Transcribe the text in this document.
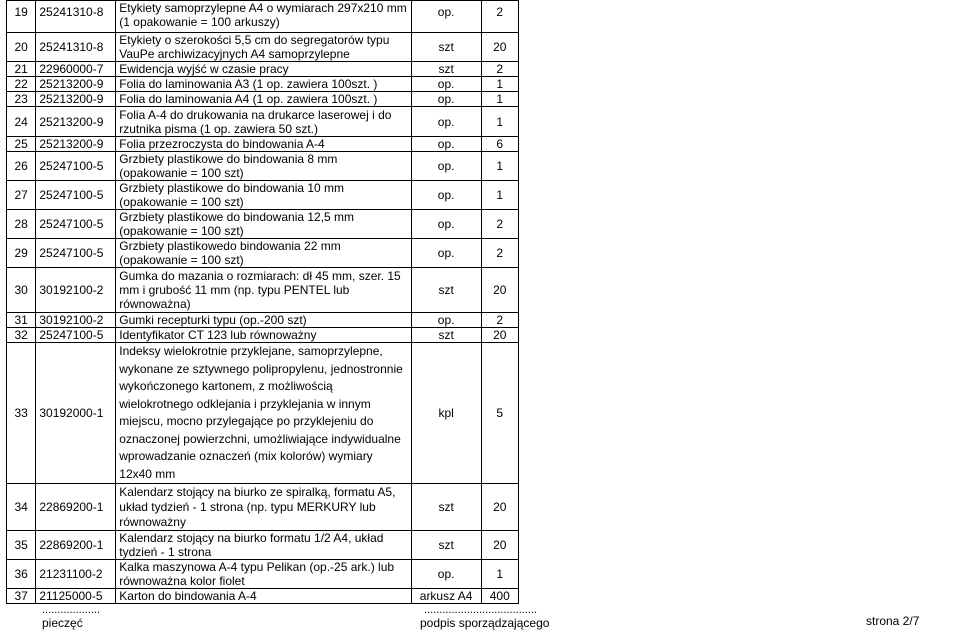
19	25241310-8	Etykiety samoprzylepne A4 o wymiarach 297x210 mm (1 opakowanie = 100 arkuszy)	op.	2
20	25241310-8	Etykiety o szerokości 5,5 cm do segregatorów typu VauPe archiwizacyjnych A4 samoprzylepne	szt	20
21	22960000-7	Ewidencja wyjść w czasie pracy	szt	2
22	25213200-9	Folia do laminowania A3 (1 op. zawiera 100szt. )	op.	1
23	25213200-9	Folia do laminowania A4 (1 op. zawiera 100szt. )	op.	1
24	25213200-9	Folia A-4 do drukowania na drukarce laserowej i do rzutnika pisma (1 op. zawiera 50 szt.)	op.	1
25	25213200-9	Folia przezroczysta do bindowania A-4	op.	6
26	25247100-5	Grzbiety plastikowe do bindowania 8 mm (opakowanie = 100 szt)	op.	1
27	25247100-5	Grzbiety plastikowe do bindowania 10 mm (opakowanie = 100 szt)	op.	1
28	25247100-5	Grzbiety plastikowe do bindowania 12,5 mm (opakowanie = 100 szt)	op.	2
29	25247100-5	Grzbiety plastikowedo bindowania 22 mm (opakowanie = 100 szt)	op.	2
30	30192100-2	Gumka do mazania o rozmiarach: dł 45 mm, szer. 15 mm i grubość 11 mm (np. typu PENTEL lub równoważna)	szt	20
31	30192100-2	Gumki recepturki typu (op.-200 szt)	op.	2
32	25247100-5	Identyfikator CT 123 lub równoważny	szt	20
33	30192000-1	Indeksy wielokrotnie przyklejane, samoprzylepne, wykonane ze sztywnego polipropylenu, jednostronnie wykończonego kartonem, z możliwością wielokrotnego odklejania i przyklejania w innym miejscu, mocno przylegające po przyklejeniu do oznaczonej powierzchni, umożliwiające indywidualne wprowadzanie oznaczeń (mix kolorów) wymiary 12x40 mm	kpl	5
34	22869200-1	Kalendarz stojący na biurko ze spiralką, formatu A5, układ tydzień - 1 strona (np. typu MERKURY lub równoważny	szt	20
35	22869200-1	Kalendarz stojący na biurko formatu 1/2 A4, układ tydzień - 1 strona	szt	20
36	21231100-2	Kalka maszynowa A-4 typu Pelikan (op.-25 ark.) lub równoważna kolor fiolet	op.	1
37	21125000-5	Karton do bindowania A-4	arkusz A4	400
...................
pieczęć
.....................................
podpis sporządzającego	strona 2/7
